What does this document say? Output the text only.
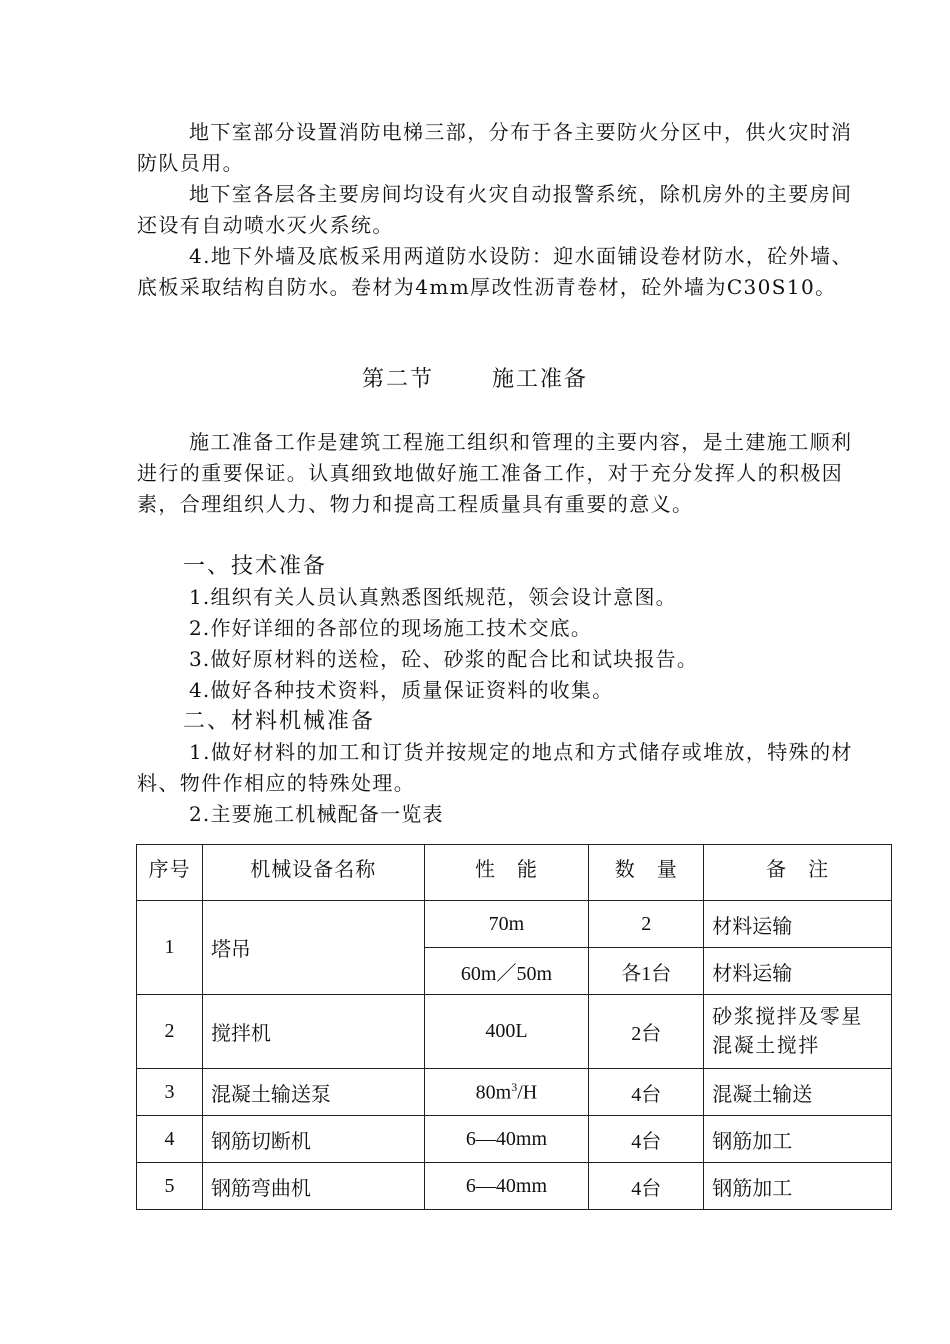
地下室部分设置消防电梯三部，分布于各主要防火分区中，供火灾时消防队员用。

地下室各层各主要房间均设有火灾自动报警系统，除机房外的主要房间还设有自动喷水灭火系统。

4.地下外墙及底板采用两道防水设防：迎水面铺设卷材防水，砼外墙、底板采取结构自防水。卷材为4mm厚改性沥青卷材，砼外墙为C30S10。

第二节	施工准备

施工准备工作是建筑工程施工组织和管理的主要内容，是土建施工顺利进行的重要保证。认真细致地做好施工准备工作，对于充分发挥人的积极因素，合理组织人力、物力和提高工程质量具有重要的意义。

一、技术准备

1.组织有关人员认真熟悉图纸规范，领会设计意图。

2.作好详细的各部位的现场施工技术交底。

3.做好原材料的送检，砼、砂浆的配合比和试块报告。

4.做好各种技术资料，质量保证资料的收集。

二、材料机械准备

1.做好材料的加工和订货并按规定的地点和方式储存或堆放，特殊的材料、物件作相应的特殊处理。

2.主要施工机械配备一览表

序号	机械设备名称	性　能	数　量	备　注
1	塔吊	70m	2	材料运输
		60m／50m	各1台	材料运输
2	搅拌机	400L	2台	砂浆搅拌及零星混凝土搅拌
3	混凝土输送泵	$80m^3/H$	4台	混凝土输送
4	钢筋切断机	6—40mm	4台	钢筋加工
5	钢筋弯曲机	6—40mm	4台	钢筋加工
